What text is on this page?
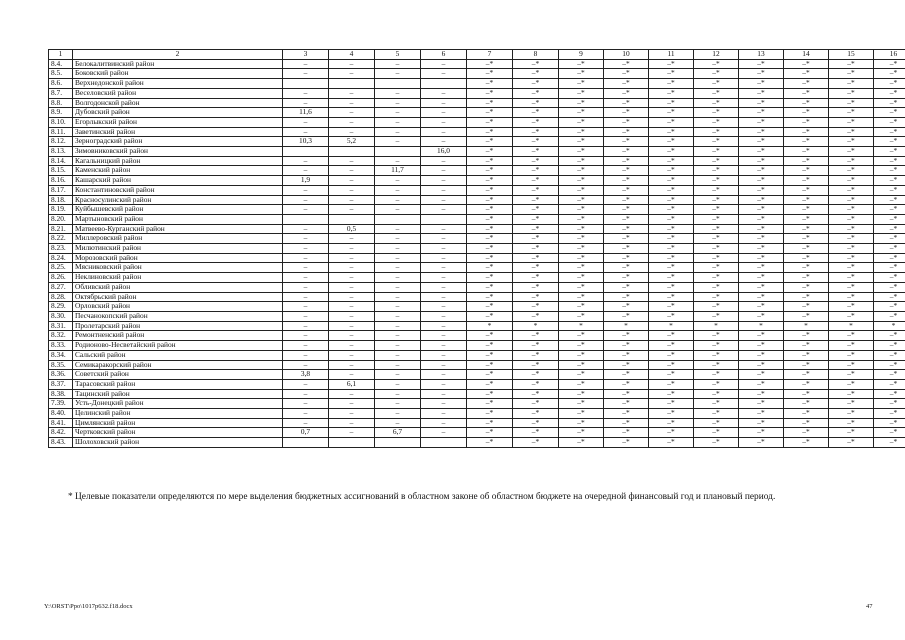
1	2	3	4	5	6	7	8	9	10	11	12	13	14	15	16
8.4.	Белокалитвинский район	–	–	–	–	–*	–*	–*	–*	–*	–*	–*	–*	–*	–*
8.5.	Боковский район	–	–	–	–	–*	–*	–*	–*	–*	–*	–*	–*	–*	–*
8.6.	Верхнедонской район					–*	–*	–*	–*	–*	–*	–*	–*	–*	–*
8.7.	Веселовский район	–	–	–	–	–*	–*	–*	–*	–*	–*	–*	–*	–*	–*
8.8.	Волгодонской район	–	–	–	–	–*	–*	–*	–*	–*	–*	–*	–*	–*	–*
8.9.	Дубовский район	11,6	–	–	–	–*	–*	–*	–*	–*	–*	–*	–*	–*	–*
8.10.	Егорлыкский район	–	–	–	–	–*	–*	–*	–*	–*	–*	–*	–*	–*	–*
8.11.	Заветинский район	–	–	–	–	–*	–*	–*	–*	–*	–*	–*	–*	–*	–*
8.12.	Зерноградский район	10,3	5,2	–	–	–*	–*	–*	–*	–*	–*	–*	–*	–*	–*
8.13.	Зимовниковский район				16,0	–*	–*	–*	–*	–*	–*	–*	–*	–*	–*
8.14.	Кагальницкий район	–	–	–	–	–*	–*	–*	–*	–*	–*	–*	–*	–*	–*
8.15.	Каменский район	–	–	11,7	–	–*	–*	–*	–*	–*	–*	–*	–*	–*	–*
8.16.	Кашарский район	1,9	–	–	–	–*	–*	–*	–*	–*	–*	–*	–*	–*	–*
8.17.	Константиновский район	–	–	–	–	–*	–*	–*	–*	–*	–*	–*	–*	–*	–*
8.18.	Красносулинский район	–	–	–	–	–*	–*	–*	–*	–*	–*	–*	–*	–*	–*
8.19.	Куйбышевский район	–	–	–	–	–*	–*	–*	–*	–*	–*	–*	–*	–*	–*
8.20.	Мартыновский район					–*	–*	–*	–*	–*	–*	–*	–*	–*	–*
8.21.	Матвеево-Курганский район	–	0,5	–	–	–*	–*	–*	–*	–*	–*	–*	–*	–*	–*
8.22.	Миллеровский район	–	–	–	–	–*	–*	–*	–*	–*	–*	–*	–*	–*	–*
8.23.	Милютинский район	–	–	–	–	–*	–*	–*	–*	–*	–*	–*	–*	–*	–*
8.24.	Морозовский район	–	–	–	–	–*	–*	–*	–*	–*	–*	–*	–*	–*	–*
8.25.	Мясниковский район	–	–	–	–	–*	–*	–*	–*	–*	–*	–*	–*	–*	–*
8.26.	Неклиновский район	–	–	–	–	–*	–*	–*	–*	–*	–*	–*	–*	–*	–*
8.27.	Обливский район	–	–	–	–	–*	–*	–*	–*	–*	–*	–*	–*	–*	–*
8.28.	Октябрьский район	–	–	–	–	–*	–*	–*	–*	–*	–*	–*	–*	–*	–*
8.29.	Орловский район	–	–	–	–	–*	–*	–*	–*	–*	–*	–*	–*	–*	–*
8.30.	Песчанокопский район	–	–	–	–	–*	–*	–*	–*	–*	–*	–*	–*	–*	–*
8.31.	Пролетарский район	–	–	–	–	*	*	*	*	*	*	*	*	*	*
8.32.	Ремонтненский район	–	–	–	–	–*	–*	–*	–*	–*	–*	–*	–*	–*	–*
8.33.	Родионово-Несветайский район	–	–	–	–	–*	–*	–*	–*	–*	–*	–*	–*	–*	–*
8.34.	Сальский район	–	–	–	–	–*	–*	–*	–*	–*	–*	–*	–*	–*	–*
8.35.	Семикаракорский район	–	–	–	–	–*	–*	–*	–*	–*	–*	–*	–*	–*	–*
8.36.	Советский район	3,8	–	–	–	–*	–*	–*	–*	–*	–*	–*	–*	–*	–*
8.37.	Тарасовский район	–	6,1	–	–	–*	–*	–*	–*	–*	–*	–*	–*	–*	–*
8.38.	Тацинский район	–	–	–	–	–*	–*	–*	–*	–*	–*	–*	–*	–*	–*
7.39.	Усть-Донецкий район	–	–	–	–	–*	–*	–*	–*	–*	–*	–*	–*	–*	–*
8.40.	Целинский район	–	–	–	–	–*	–*	–*	–*	–*	–*	–*	–*	–*	–*
8.41.	Цимлянский район	–	–	–	–	–*	–*	–*	–*	–*	–*	–*	–*	–*	–*
8.42.	Чертковский район	0,7	–	6,7	–	–*	–*	–*	–*	–*	–*	–*	–*	–*	–*
8.43.	Шолоховский район					–*	–*	–*	–*	–*	–*	–*	–*	–*	–*
* Целевые показатели определяются по мере выделения бюджетных ассигнований в областном законе об областном бюджете на очередной финансовый год и плановый период.
Y:\ORST\Ppo\1017p632.f18.docx	47
